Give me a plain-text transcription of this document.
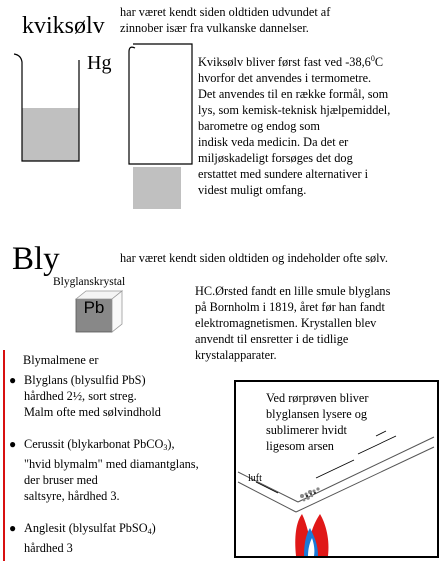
kviksølv
har været kendt siden oldtiden udvundet af
zinnober især fra vulkanske dannelser.
Hg	Kviksølv bliver først fast ved -38,6$^0$C
hvorfor det anvendes i termometre.
Det anvendes til en række formål, som
lys, som kemisk-teknisk hjælpemiddel,
barometre og endog som
indisk veda medicin. Da det er
miljøskadeligt forsøges det dog
erstattet med sundere alternativer i
videst muligt omfang.
Bly	har været kendt siden oldtiden og indeholder ofte sølv.
Blyglanskrystal
Pb
HC.Ørsted fandt en lille smule blyglans
på Bornholm i 1819, året før han fandt
elektromagnetismen. Krystallen blev
anvendt til ensretter i de tidlige
krystalapparater.
Blymalmene er
● Blyglans (blysulfid PbS)
hårdhed 2½, sort streg.
Malm ofte med sølvindhold
● Cerussit (blykarbonat PbCO$_3$),
"hvid blymalm" med diamantglans,
der bruser med
saltsyre, hårdhed 3.
● Anglesit (blysulfat PbSO$_4$)
hårdhed 3
Ved rørprøven bliver
blyglansen lysere og
sublimerer hvidt
ligesom arsen
luft
